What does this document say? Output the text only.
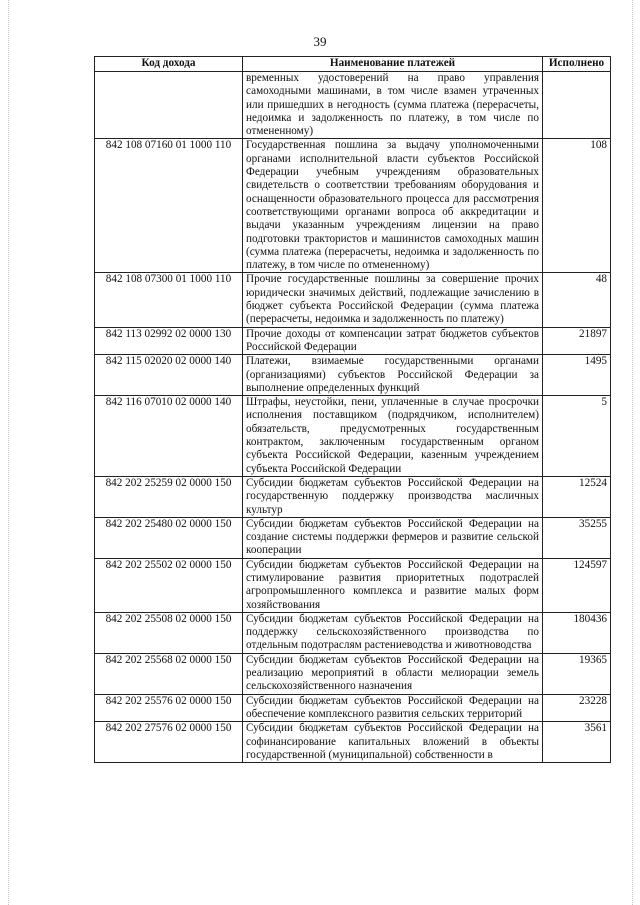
39
Код дохода	Наименование платежей	Исполнено
	временных удостоверений на право управления самоходными машинами, в том числе взамен утраченных или пришедших в негодность (сумма платежа (перерасчеты, недоимка и задолженность по платежу, в том числе по отмененному)	
842 108 07160 01 1000 110	Государственная пошлина за выдачу уполномоченными органами исполнительной власти субъектов Российской Федерации учебным учреждениям образовательных свидетельств о соответствии требованиям оборудования и оснащенности образовательного процесса для рассмотрения соответствующими органами вопроса об аккредитации и выдачи указанным учреждениям лицензии на право подготовки трактористов и машинистов самоходных машин (сумма платежа (перерасчеты, недоимка и задолженность по платежу, в том числе по отмененному)	108
842 108 07300 01 1000 110	Прочие государственные пошлины за совершение прочих юридически значимых действий, подлежащие зачислению в бюджет субъекта Российской Федерации (сумма платежа (перерасчеты, недоимка и задолженность по платежу)	48
842 113 02992 02 0000 130	Прочие доходы от компенсации затрат бюджетов субъектов Российской Федерации	21897
842 115 02020 02 0000 140	Платежи, взимаемые государственными органами (организациями) субъектов Российской Федерации за выполнение определенных функций	1495
842 116 07010 02 0000 140	Штрафы, неустойки, пени, уплаченные в случае просрочки исполнения поставщиком (подрядчиком, исполнителем) обязательств, предусмотренных государственным контрактом, заключенным государственным органом субъекта Российской Федерации, казенным учреждением субъекта Российской Федерации	5
842 202 25259 02 0000 150	Субсидии бюджетам субъектов Российской Федерации на государственную поддержку производства масличных культур	12524
842 202 25480 02 0000 150	Субсидии бюджетам субъектов Российской Федерации на создание системы поддержки фермеров и развитие сельской кооперации	35255
842 202 25502 02 0000 150	Субсидии бюджетам субъектов Российской Федерации на стимулирование развития приоритетных подотраслей агропромышленного комплекса и развитие малых форм хозяйствования	124597
842 202 25508 02 0000 150	Субсидии бюджетам субъектов Российской Федерации на поддержку сельскохозяйственного производства по отдельным подотраслям растениеводства и животноводства	180436
842 202 25568 02 0000 150	Субсидии бюджетам субъектов Российской Федерации на реализацию мероприятий в области мелиорации земель сельскохозяйственного назначения	19365
842 202 25576 02 0000 150	Субсидии бюджетам субъектов Российской Федерации на обеспечение комплексного развития сельских территорий	23228
842 202 27576 02 0000 150	Субсидии бюджетам субъектов Российской Федерации на софинансирование капитальных вложений в объекты государственной (муниципальной) собственности в	3561
